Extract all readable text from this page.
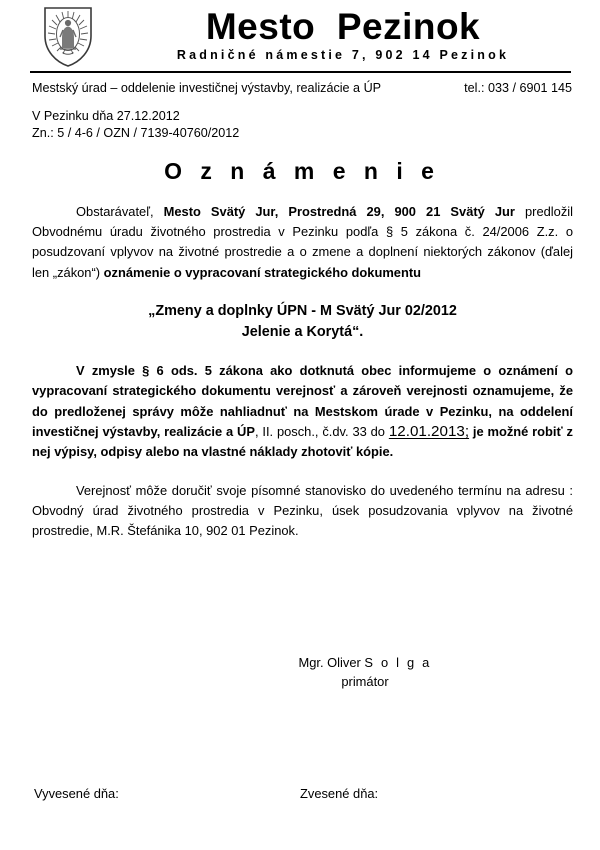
Mesto  Pezinok
Radničné námestie 7, 902 14 Pezinok
Mestský úrad – oddelenie investičnej výstavby, realizácie a ÚP	tel.: 033 / 6901 145
V Pezinku dňa 27.12.2012
Zn.: 5 / 4-6 / OZN / 7139-40760/2012
O z n á m e n i e

Obstarávateľ, Mesto Svätý Jur, Prostredná 29, 900 21 Svätý Jur predložil Obvodnému úradu životného prostredia v Pezinku podľa § 5 zákona č. 24/2006 Z.z. o posudzovaní vplyvov na životné prostredie a o zmene a doplnení niektorých zákonov (ďalej len „zákon“) oznámenie o vypracovaní strategického dokumentu

„Zmeny a doplnky ÚPN - M Svätý Jur 02/2012

Jelenie a Korytá“.

V zmysle § 6 ods. 5 zákona ako dotknutá obec informujeme o oznámení o vypracovaní strategického dokumentu verejnosť a zároveň verejnosti oznamujeme, že do predloženej správy môže nahliadnuť na Mestskom úrade v Pezinku, na oddelení investičnej výstavby, realizácie a ÚP, II. posch., č.dv. 33 do 12.01.2013; je možné robiť z nej výpisy, odpisy alebo na vlastné náklady zhotoviť kópie.

Verejnosť môže doručiť svoje písomné stanovisko do uvedeného termínu na adresu : Obvodný úrad životného prostredia v Pezinku, úsek posudzovania vplyvov na životné prostredie, M.R. Štefánika 10, 902 01 Pezinok.

Mgr. Oliver S o l g a
primátor
Vyvesené dňa:	Zvesené dňa:
